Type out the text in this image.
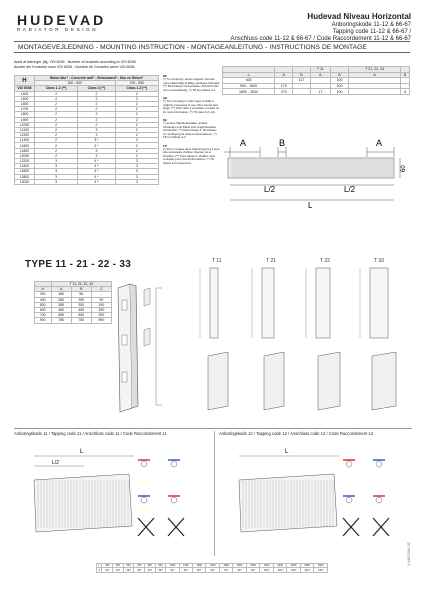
HUDEVAD
RADIATOR DESIGN
Hudevad Niveau Horizontal
Anboringskode 11-12 & 66-67
Tapping code 11-12 & 66-67 /
Anschluss code 11-12 & 66-67 / Code Raccordement 11-12 & 66-67
MONTAGEVEJLEDNING - MOUNTING INSTRUCTION - MONTAGEANLEITUNG - INSTRUCTIONS DE MONTAGE
Antal af bæringer (fig. VDI 6036 - Number of brackets according to VDI 6036
Anzahl der Konsolen nach VDI 6036 - Nombre de Consoles selon VDI 6036
H	Beton Mur* - Concrete wall* - Betonwand* - Mur en Beton*		
	300 - 600		700 - 950
VDI 6036	Class 1-2 (**)	Class 3 (**)	Class 1-3 (**)
L400	2	2	2
L500	2	2	2
L600	2	2	2
L700	2	2	2
L800	2	2	2
L900	2	2	2
L1000	2	2	2
L1100	2	3	2
L1200	2	3	2
L1400	2	3 *	2
L1600	2	3 *	2
L1800	2	3	2
L2000	2	3	2
L2200	3	4 *	3
L2400	3	4 *	3
L2600	3	4 *	3
L2800	3	4 *	3
L3000	3	4 *	3
DK
(*) To montering i anden opgaver. Det kan være nødvendigt at tilføje yderligere bæringer. (**) Med Klasse 3 anvendelse i forhold til den norm i konsolkonfig. (*) TR kun Klasse 3-2
GB
(*) The mounting in other types of walls it might be necessary to use other screws and plugs. (**) With class 3 compliant. Contact us for more information. (*) TR class 3-2 only
DE
(*) andere Wandmaterialien, andere Schrauben und Dübel sind möglicherweise erforderlich. (**) Mehr Klasse 3. Mit stärken zur Verfügung für weitere Informationen. (*) TR nur Klasse 3-2
FR
(*) Pour montage dans d'autres genres il peut être nécessaire d'utiliser d'autres vis et chevilles. (**) Pour classe 3. Veuillez nous contacter pour plus d'informations. (*) TR classe 3-2 uniquement
			T 11		T 21, 22, 33	
L	A	B	A	B	A	B
400		117		100		
500 - 1600	170			100		
1800 - 3000	370		17	100		6
A	B	A
L/2	L/2
L
60
TYPE 11 - 21 - 22 - 33
	T 11, 21, 22, 33		
H	A	B	C
300	185	56	-
400	285	255	90
500	385	355	190
600	485	455	290
700	585	555	390
900	785	755	590
T 11	T 21	T 22	T 33
Anboringskode 11 / Tapping code 11 / Anschluss code 11 / Code Raccordement 11	Anboringskode 12 / Tapping code 12 / Anschluss code 12 / Code Raccordement 12
L
L/2
L
L	400	500	600	700	800	900	1000	1100	1200	1400	1600	1800	2000	2200	2400	2600	2800	3000
X	157	157	207	257	307	357	407	457	507	607	707	807	907	1007	1107	1207	1307	1407
V4461094-02
